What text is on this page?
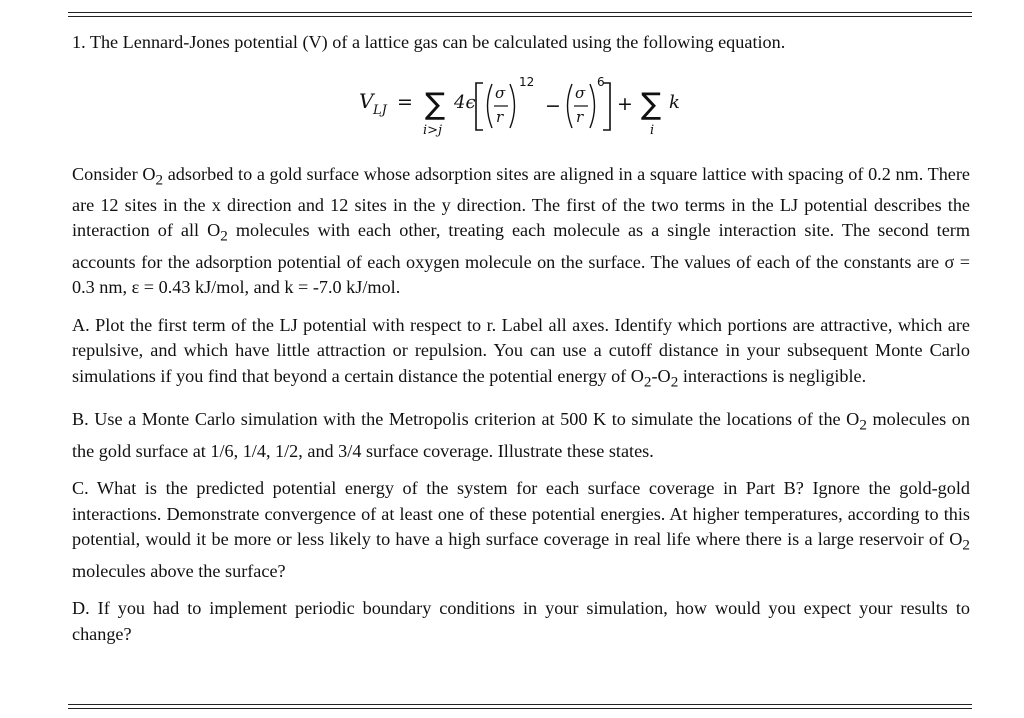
1. The Lennard-Jones potential (V) of a lattice gas can be calculated using the following equation.

V LJ = ∑
i>j
4ϵ σ
r
12
−
σ
r
6
+ ∑
i
k

Consider $O_2$ adsorbed to a gold surface whose adsorption sites are aligned in a square lattice with spacing of 0.2 nm. There are 12 sites in the x direction and 12 sites in the y direction. The first of the two terms in the LJ potential describes the interaction of all $O_2$ molecules with each other, treating each molecule as a single interaction site. The second term accounts for the adsorption potential of each oxygen molecule on the surface. The values of each of the constants are σ = 0.3 nm, ε = 0.43 kJ/mol, and k = -7.0 kJ/mol.

A. Plot the first term of the LJ potential with respect to r. Label all axes. Identify which portions are attractive, which are repulsive, and which have little attraction or repulsion. You can use a cutoff distance in your subsequent Monte Carlo simulations if you find that beyond a certain distance the potential energy of $O_2-O_2$ interactions is negligible.

B. Use a Monte Carlo simulation with the Metropolis criterion at 500 K to simulate the locations of the $O_2$ molecules on the gold surface at 1/6, 1/4, 1/2, and 3/4 surface coverage. Illustrate these states.

C. What is the predicted potential energy of the system for each surface coverage in Part B? Ignore the gold-gold interactions. Demonstrate convergence of at least one of these potential energies. At higher temperatures, according to this potential, would it be more or less likely to have a high surface coverage in real life where there is a large reservoir of $O_2$ molecules above the surface?

D. If you had to implement periodic boundary conditions in your simulation, how would you expect your results to change?
